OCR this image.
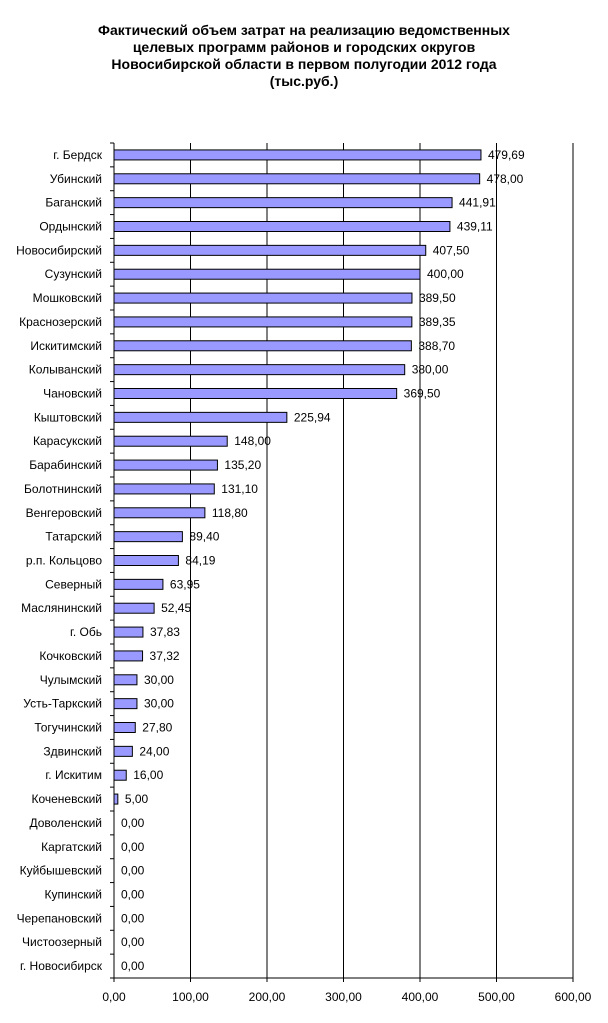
Фактический объем затрат на реализацию ведомственных
целевых программ районов и городских округов
Новосибирской области в первом полугодии 2012 года
(тыс.руб.)
0,00	100,00	200,00	300,00	400,00	500,00	600,00
г. Бердск	479,69
Убинский	478,00
Баганский	441,91
Ордынский	439,11
Новосибирский	407,50
Сузунский	400,00
Мошковский	389,50
Краснозерский	389,35
Искитимский	388,70
Колыванский	380,00
Чановский	369,50
Кыштовский	225,94
Карасукский	148,00
Барабинский	135,20
Болотнинский	131,10
Венгеровский	118,80
Татарский	89,40
р.п. Кольцово	84,19
Северный	63,95
Маслянинский	52,45
г. Обь	37,83
Кочковский	37,32
Чулымский	30,00
Усть-Таркский	30,00
Тогучинский	27,80
Здвинский	24,00
г. Искитим	16,00
Коченевский 5,00
Доволенский 0,00
Каргатский 0,00
Куйбышевский 0,00
Купинский 0,00
Черепановский 0,00
Чистоозерный 0,00
г. Новосибирск 0,00
